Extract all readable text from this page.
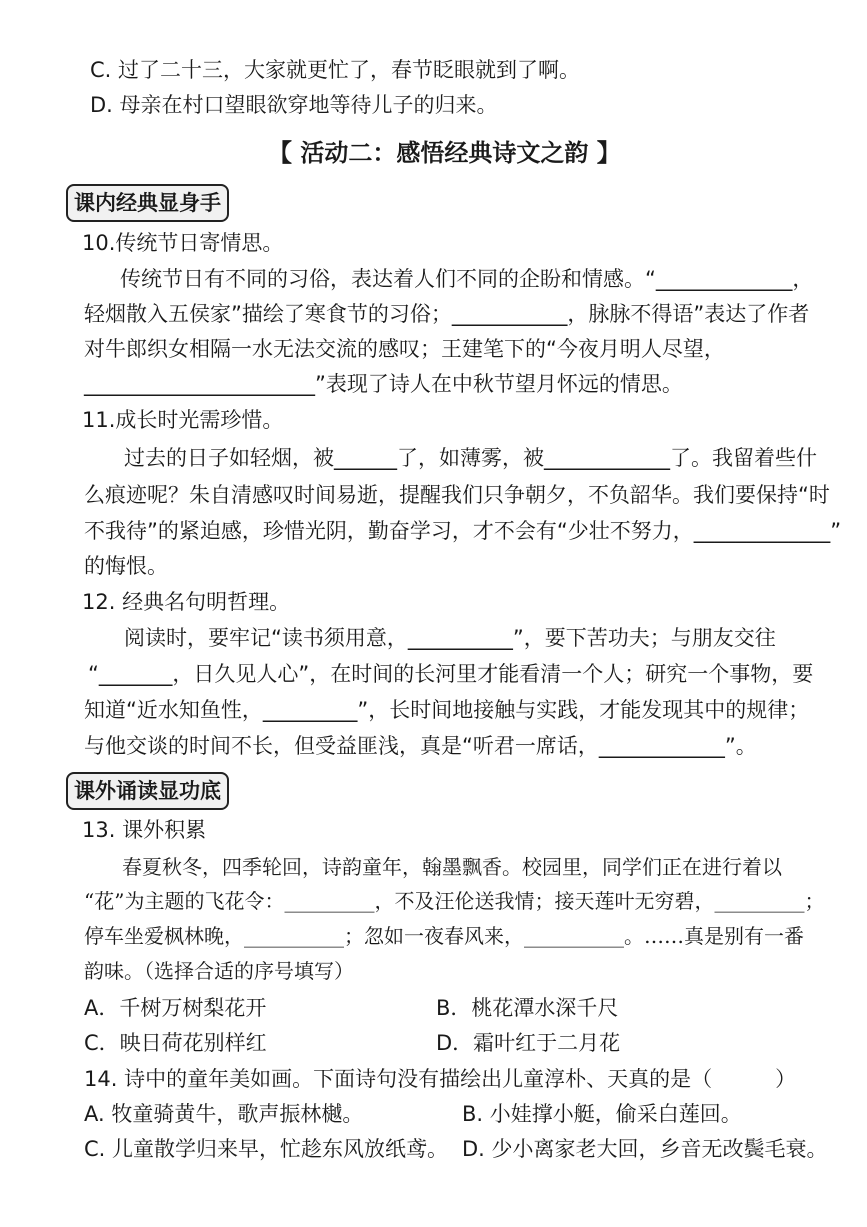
C. 过了二十三，大家就更忙了，春节眨眼就到了啊。
D. 母亲在村口望眼欲穿地等待儿子的归来。
【 活动二：感悟经典诗文之韵 】
课内经典显身手
10.传统节日寄情思。
传统节日有不同的习俗，表达着人们不同的企盼和情感。“_____________，
轻烟散入五侯家”描绘了寒食节的习俗；___________，脉脉不得语”表达了作者
对牛郎织女相隔一水无法交流的感叹；王建笔下的“今夜月明人尽望，
______________________”表现了诗人在中秋节望月怀远的情思。
11.成长时光需珍惜。
过去的日子如轻烟，被______了，如薄雾，被____________了。我留着些什
么痕迹呢？朱自清感叹时间易逝，提醒我们只争朝夕，不负韶华。我们要保持“时
不我待”的紧迫感，珍惜光阴，勤奋学习，才不会有“少壮不努力，_____________”
的悔恨。
12. 经典名句明哲理。
阅读时，要牢记“读书须用意，__________”，要下苦功夫；与朋友交往
“_______，日久见人心”，在时间的长河里才能看清一个人；研究一个事物，要
知道“近水知鱼性，_________”，长时间地接触与实践，才能发现其中的规律；
与他交谈的时间不长，但受益匪浅，真是“听君一席话，____________”。
课外诵读显功底
13. 课外积累
春夏秋冬，四季轮回，诗韵童年，翰墨飘香。校园里，同学们正在进行着以
“花”为主题的飞花令：_________，不及汪伦送我情；接天莲叶无穷碧，_________；
停车坐爱枫林晚，__________；忽如一夜春风来，__________。……真是别有一番
韵味。（选择合适的序号填写）
A．千树万树梨花开	B．桃花潭水深千尺
C．映日荷花别样红	D．霜叶红于二月花
14. 诗中的童年美如画。下面诗句没有描绘出儿童淳朴、天真的是（　　　）
A. 牧童骑黄牛，歌声振林樾。	B. 小娃撑小艇，偷采白莲回。
C. 儿童散学归来早，忙趁东风放纸鸢。 D. 少小离家老大回，乡音无改鬓毛衰。
